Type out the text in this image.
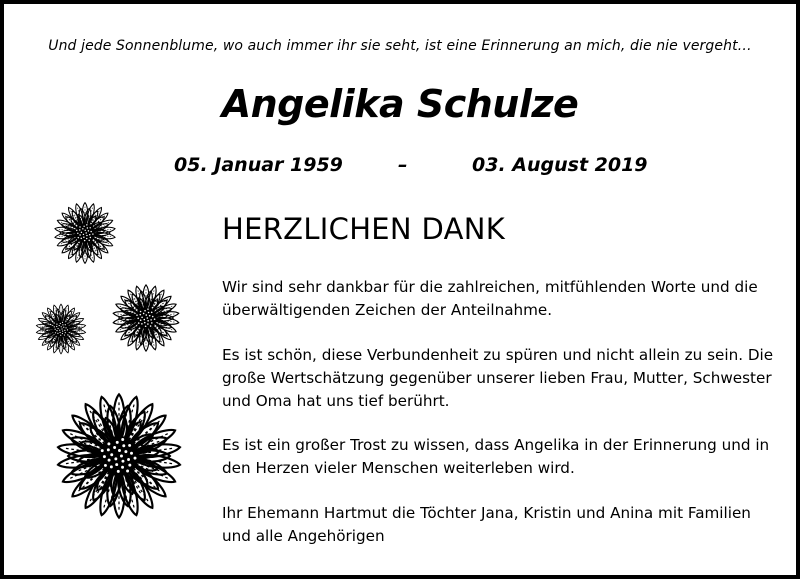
Und jede Sonnenblume, wo auch immer ihr sie seht, ist eine Erinnerung an mich, die nie vergeht…
Angelika Schulze
05. Januar 1959	–	03. August 2019
HERZLICHEN DANK
Wir sind sehr dankbar für die zahlreichen, mitfühlenden Worte und die
überwältigenden Zeichen der Anteilnahme.
Es ist schön, diese Verbundenheit zu spüren und nicht allein zu sein. Die
große Wertschätzung gegenüber unserer lieben Frau, Mutter, Schwester
und Oma hat uns tief berührt.
Es ist ein großer Trost zu wissen, dass Angelika in der Erinnerung und in
den Herzen vieler Menschen weiterleben wird.
Ihr Ehemann Hartmut die Töchter Jana, Kristin und Anina mit Familien
und alle Angehörigen
